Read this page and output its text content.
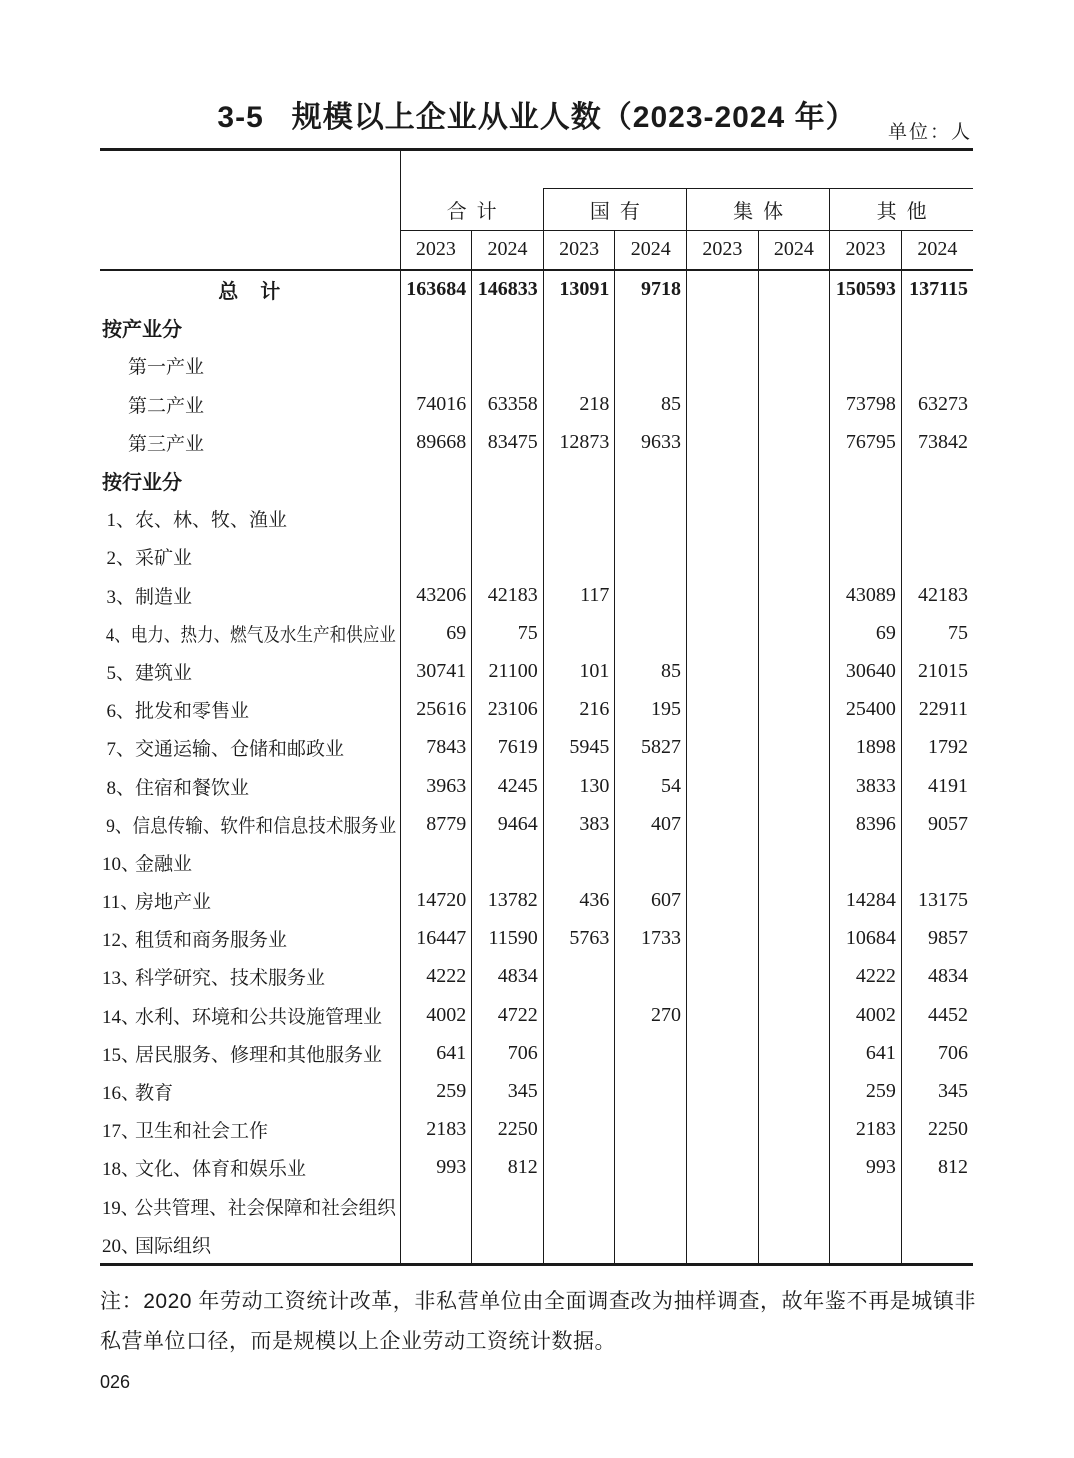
3-5 规模以上企业从业人数（2023-2024 年）	单位：人

	合计		国有		集体		其他	
	2023	2024	2023	2024	2023	2024	2023	2024
总　计	163684	146833	13091	9718			150593	137115
按产业分								
第一产业								
第二产业	74016	63358	218	85			73798	63273
第三产业	89668	83475	12873	9633			76795	73842
按行业分								
1、农、林、牧、渔业								
2、采矿业								
3、制造业	43206	42183	117				43089	42183
4、电力、热力、燃气及水生产和供应业	69	75					69	75
5、建筑业	30741	21100	101	85			30640	21015
6、批发和零售业	25616	23106	216	195			25400	22911
7、交通运输、仓储和邮政业	7843	7619	5945	5827			1898	1792
8、住宿和餐饮业	3963	4245	130	54			3833	4191
9、信息传输、软件和信息技术服务业	8779	9464	383	407			8396	9057
10、金融业								
11、房地产业	14720	13782	436	607			14284	13175
12、租赁和商务服务业	16447	11590	5763	1733			10684	9857
13、科学研究、技术服务业	4222	4834					4222	4834
14、水利、环境和公共设施管理业	4002	4722		270			4002	4452
15、居民服务、修理和其他服务业	641	706					641	706
16、教育	259	345					259	345
17、卫生和社会工作	2183	2250					2183	2250
18、文化、体育和娱乐业	993	812					993	812
19、公共管理、社会保障和社会组织								
20、国际组织								
注：2020 年劳动工资统计改革，非私营单位由全面调查改为抽样调查，故年鉴不再是城镇非私营单位口径，而是规模以上企业劳动工资统计数据。
026
